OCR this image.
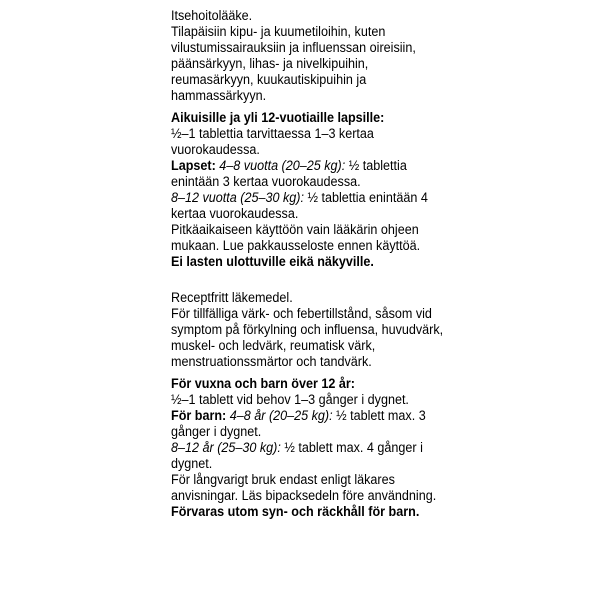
Itsehoitolääke.

Tilapäisiin kipu- ja kuumetiloihin, kuten vilustumissairauksiin ja influenssan oireisiin, päänsärkyyn, lihas- ja nivelkipuihin, reumasärkyyn, kuukautiskipuihin ja hammassärkyyn.

Aikuisille ja yli 12-vuotiaille lapsille:

½–1 tablettia tarvittaessa 1–3 kertaa vuorokaudessa.

Lapset: 4–8 vuotta (20–25 kg): ½ tablettia enintään 3 kertaa vuorokaudessa.

8–12 vuotta (25–30 kg): ½ tablettia enintään 4 kertaa vuorokaudessa.

Pitkäaikaiseen käyttöön vain lääkärin ohjeen mukaan. Lue pakkausseloste ennen käyttöä.

Ei lasten ulottuville eikä näkyville.

Receptfritt läkemedel.

För tillfälliga värk- och febertillstånd, såsom vid symptom på förkylning och influensa, huvudvärk, muskel- och ledvärk, reumatisk värk, menstruationssmärtor och tandvärk.

För vuxna och barn över 12 år:

½–1 tablett vid behov 1–3 gånger i dygnet.

För barn: 4–8 år (20–25 kg): ½ tablett max. 3 gånger i dygnet.

8–12 år (25–30 kg): ½ tablett max. 4 gånger i dygnet.

För långvarigt bruk endast enligt läkares anvisningar. Läs bipacksedeln före användning.

Förvaras utom syn- och räckhåll för barn.
